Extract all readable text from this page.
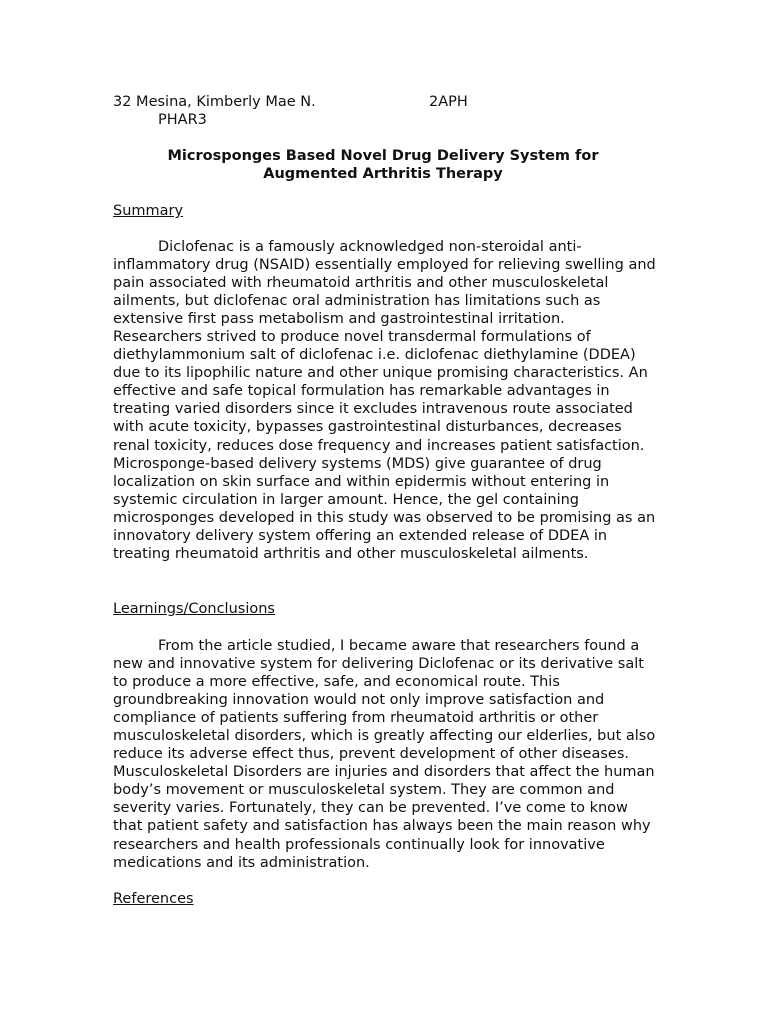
32 Mesina, Kimberly Mae N.	2APH
PHAR3
Microsponges Based Novel Drug Delivery System for
Augmented Arthritis Therapy
Summary
Diclofenac is a famously acknowledged non-steroidal anti- inflammatory drug (NSAID) essentially employed for relieving swelling and pain associated with rheumatoid arthritis and other musculoskeletal ailments, but diclofenac oral administration has limitations such as extensive first pass metabolism and gastrointestinal irritation. Researchers strived to produce novel transdermal formulations of diethylammonium salt of diclofenac i.e. diclofenac diethylamine (DDEA) due to its lipophilic nature and other unique promising characteristics. An effective and safe topical formulation has remarkable advantages in treating varied disorders since it excludes intravenous route associated with acute toxicity, bypasses gastrointestinal disturbances, decreases renal toxicity, reduces dose frequency and increases patient satisfaction. Microsponge-based delivery systems (MDS) give guarantee of drug localization on skin surface and within epidermis without entering in systemic circulation in larger amount. Hence, the gel containing microsponges developed in this study was observed to be promising as an innovatory delivery system offering an extended release of DDEA in treating rheumatoid arthritis and other musculoskeletal ailments.
Learnings/Conclusions
From the article studied, I became aware that researchers found a new and innovative system for delivering Diclofenac or its derivative salt to produce a more effective, safe, and economical route. This groundbreaking innovation would not only improve satisfaction and compliance of patients suffering from rheumatoid arthritis or other musculoskeletal disorders, which is greatly affecting our elderlies, but also reduce its adverse effect thus, prevent development of other diseases. Musculoskeletal Disorders are injuries and disorders that affect the human body’s movement or musculoskeletal system. They are common and severity varies. Fortunately, they can be prevented. I’ve come to know that patient safety and satisfaction has always been the main reason why researchers and health professionals continually look for innovative medications and its administration.
References
